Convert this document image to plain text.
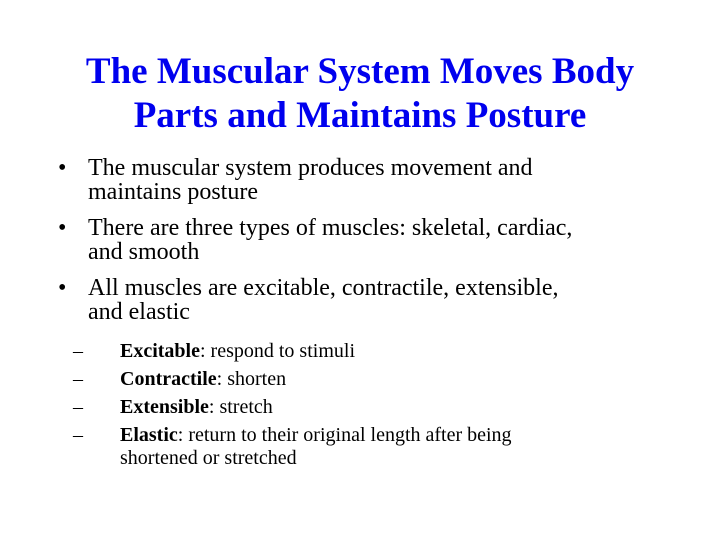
The Muscular System Moves Body
Parts and Maintains Posture
• The muscular system produces movement and
maintains posture
• There are three types of muscles: skeletal, cardiac,
and smooth
• All muscles are excitable, contractile, extensible,
and elastic
– Excitable: respond to stimuli
– Contractile: shorten
– Extensible: stretch
– Elastic: return to their original length after being
shortened or stretched
